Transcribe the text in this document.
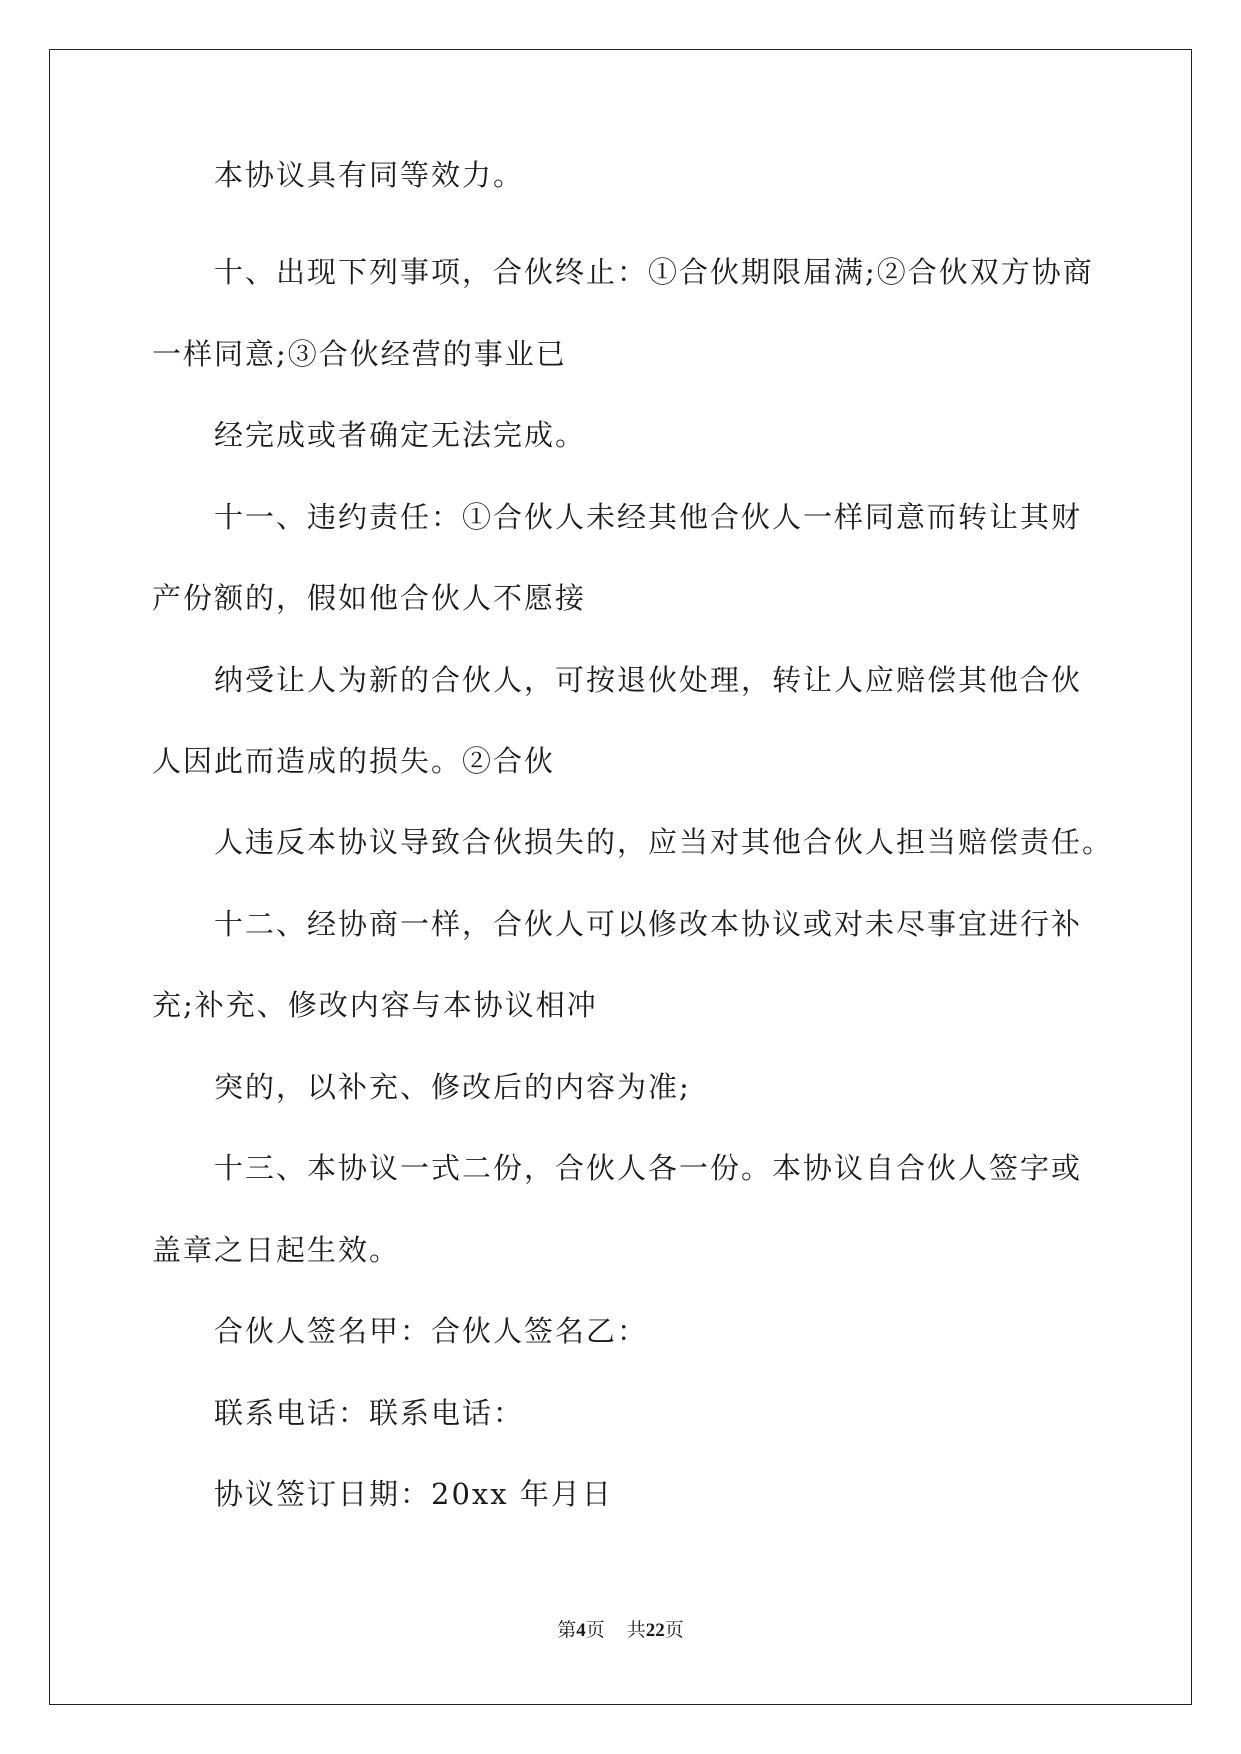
本协议具有同等效力。
十、出现下列事项，合伙终止：①合伙期限届满;②合伙双方协商
一样同意;③合伙经营的事业已
经完成或者确定无法完成。
十一、违约责任：①合伙人未经其他合伙人一样同意而转让其财
产份额的，假如他合伙人不愿接
纳受让人为新的合伙人，可按退伙处理，转让人应赔偿其他合伙
人因此而造成的损失。②合伙
人违反本协议导致合伙损失的，应当对其他合伙人担当赔偿责任。
十二、经协商一样，合伙人可以修改本协议或对未尽事宜进行补
充;补充、修改内容与本协议相冲
突的，以补充、修改后的内容为准;
十三、本协议一式二份，合伙人各一份。本协议自合伙人签字或
盖章之日起生效。
合伙人签名甲：合伙人签名乙：
联系电话：联系电话：
协议签订日期：20xx 年月日
第4页 共22页
